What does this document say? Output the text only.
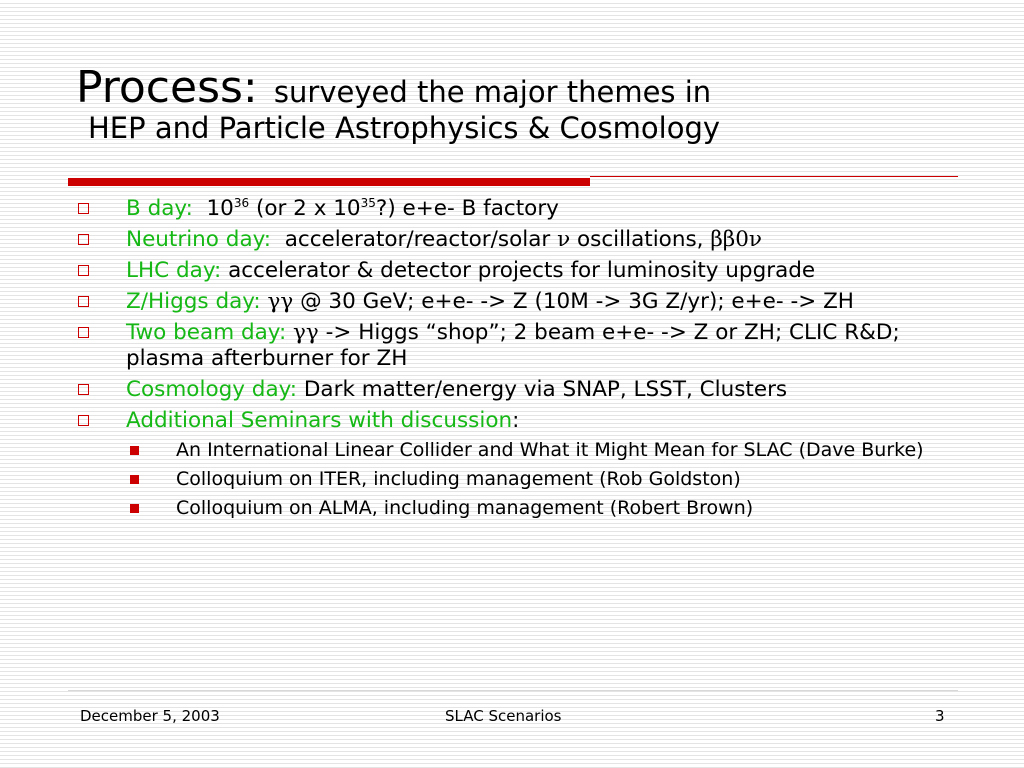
Process: surveyed the major themes in
HEP and Particle Astrophysics & Cosmology
B day: $10^{36}$ (or 2 x $10^{35}$?) e+e- B factory
Neutrino day: accelerator/reactor/solar ν oscillations, ββ0ν
LHC day: accelerator & detector projects for luminosity upgrade
Z/Higgs day: γγ @ 30 GeV; e+e- -> Z (10M -> 3G Z/yr); e+e- -> ZH
Two beam day: γγ -> Higgs “shop”; 2 beam e+e- -> Z or ZH; CLIC R&D; plasma afterburner for ZH
Cosmology day: Dark matter/energy via SNAP, LSST, Clusters
Additional Seminars with discussion:
An International Linear Collider and What it Might Mean for SLAC (Dave Burke)
Colloquium on ITER, including management (Rob Goldston)
Colloquium on ALMA, including management (Robert Brown)
December 5, 2003	SLAC Scenarios	3
